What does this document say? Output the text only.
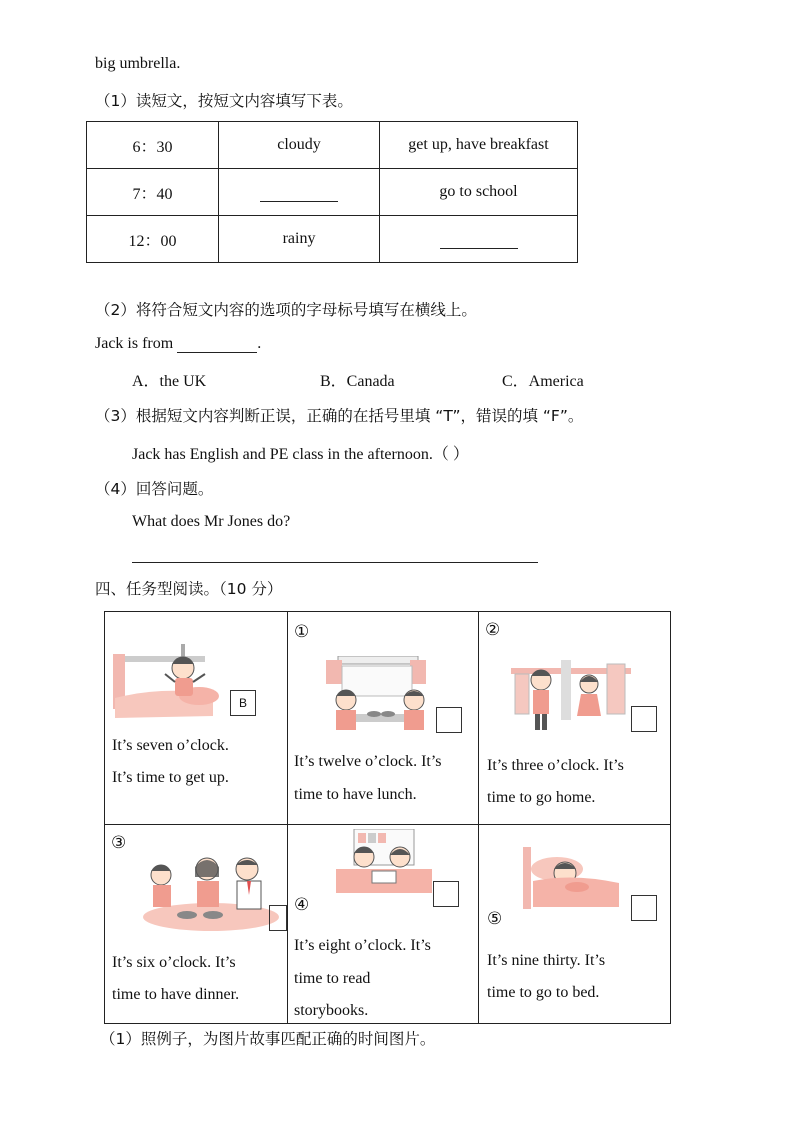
big umbrella.
（1）读短文，按短文内容填写下表。
6：30	cloudy	get up, have breakfast
7：40		go to school
12：00	rainy	
（2）将符合短文内容的选项的字母标号填写在横线上。
Jack is from	.
A．the UK	B．Canada	C．America
（3）根据短文内容判断正误，正确的在括号里填 “T”，错误的填 “F”。
Jack has English and PE class in the afternoon.（ ）
（4）回答问题。
What does Mr Jones do?
四、任务型阅读。（10 分）
B
It’s seven o’clock.
It’s time to get up.
①
It’s twelve o’clock. It’s
time to have lunch.
②
It’s three o’clock. It’s
time to go home.
③
It’s six o’clock. It’s
time to have dinner.
④
It’s eight o’clock. It’s
time to read
storybooks.
⑤
It’s nine thirty. It’s
time to go to bed.
（1）照例子，为图片故事匹配正确的时间图片。
